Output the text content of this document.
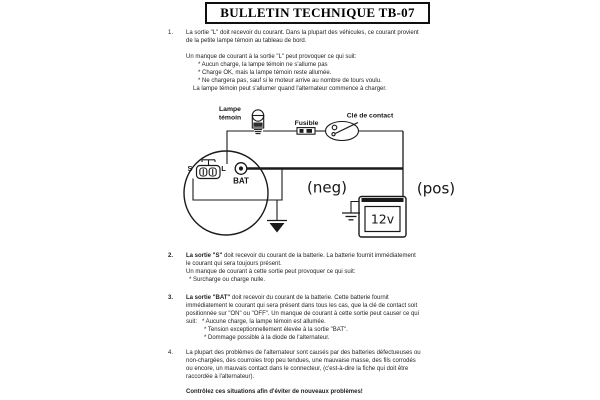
BULLETIN TECHNIQUE TB-07
1.	La sortie "L" doit recevoir du courant. Dans la plupart des véhicules, ce courant provient
de la petite lampe témoin au tableau de bord.
Un manque de courant à la sortie "L" peut provoquer ce qui suit:
* Aucun charge, la lampe témoin ne s'allume pas
* Charge OK, mais la lampe témoin reste allumée.
* Ne chargera pas, sauf si le moteur arrive au nombre de tours voulu.
La lampe témoin peut s'allumer quand l'alternateur commence à charger.
Lampe
témoin
Fusible
Clé de contact
S	L
BAT	(neg)	(pos)
12v
2.	La sortie "S" doit recevoir du courant de la batterie. La batterie fournit immédiatement
le courant qui sera toujours présent.
Un manque de courant à cette sortie peut provoquer ce qui suit:
* Surcharge ou charge nulle.
3.	La sortie "BAT" doit recevoir du courant de la batterie. Cette batterie fournit
immédiatement le courant qui sera présent dans tous les cas, que la clé de contact soit
positionnée sur "ON" ou "OFF". Un manque de courant à cette sortie peut causer ce qui
suit: * Aucune charge, la lampe témoin est allumée.
* Tension exceptionnellement élevée à la sortie "BAT".
* Dommage possible à la diode de l'alternateur.
4.	La plupart des problèmes de l'alternateur sont causés par des batteries défectueuses ou
non-chargées, des courroies trop peu tendues, une mauvaise masse, des fils corrodés
ou encore, un mauvais contact dans le connecteur, (c'est-à-dire la fiche qui doit être
raccordée à l'alternateur).
Contrôlez ces situations afin d'éviter de nouveaux problèmes!
